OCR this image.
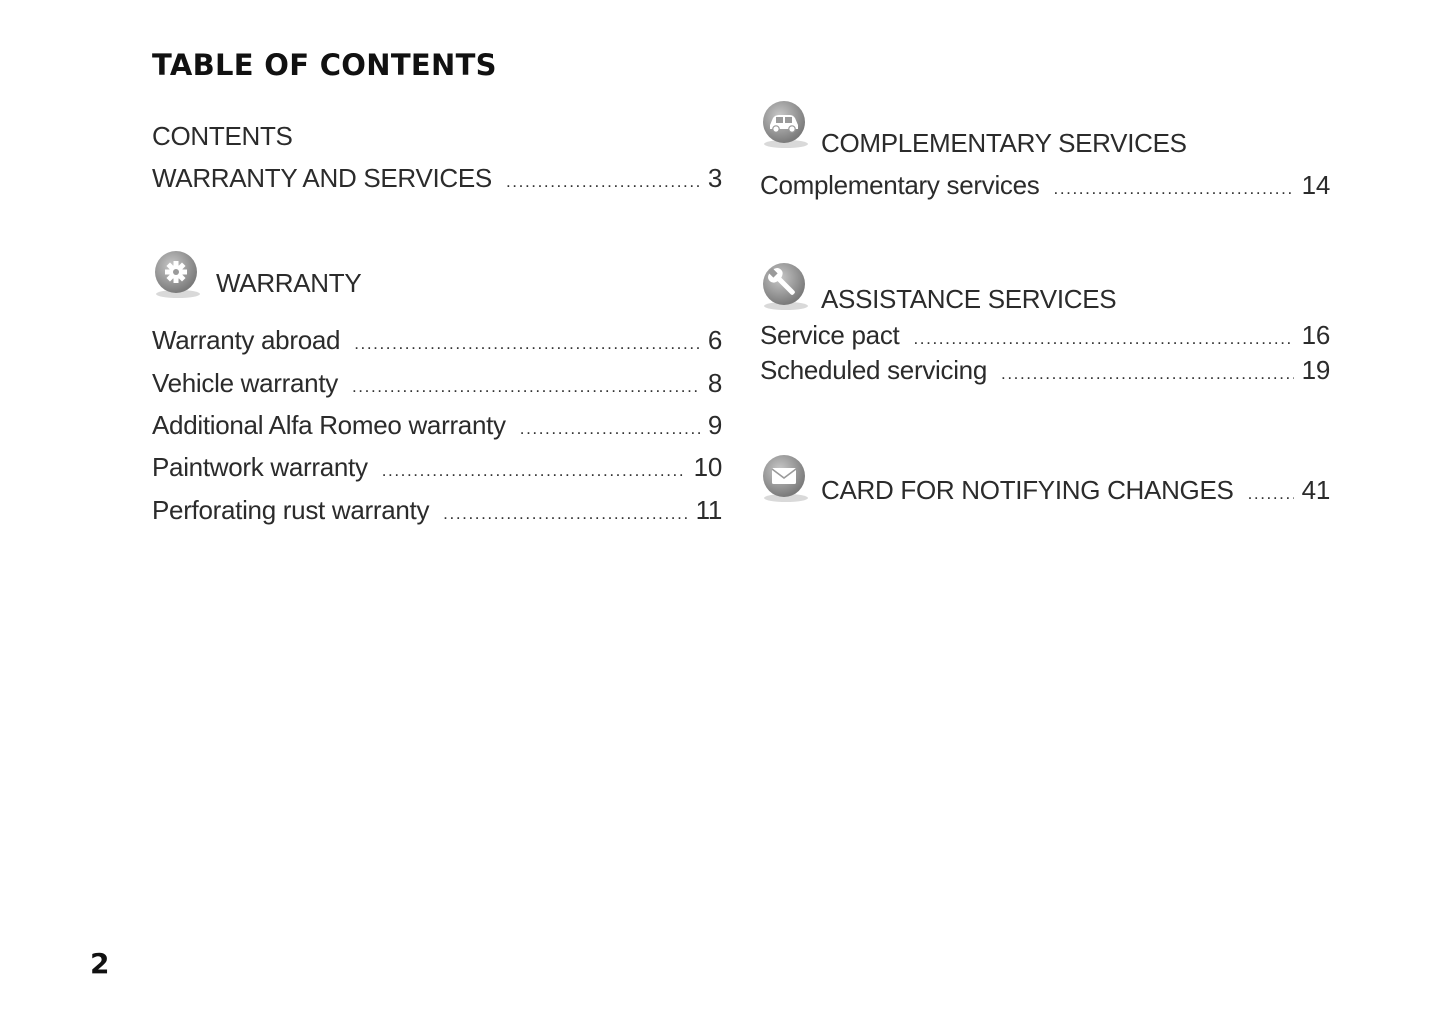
TABLE OF CONTENTS
CONTENTS
WARRANTY AND SERVICES .....	3
WARRANTY
Warranty abroad .....	6
Vehicle warranty .....	8
Additional Alfa Romeo warranty .....	9
Paintwork warranty .....	10
Perforating rust warranty .....	11
COMPLEMENTARY SERVICES
Complementary services .....	14
ASSISTANCE SERVICES
Service pact .....	16
Scheduled servicing .....	19
CARD FOR NOTIFYING CHANGES .....	41
2
